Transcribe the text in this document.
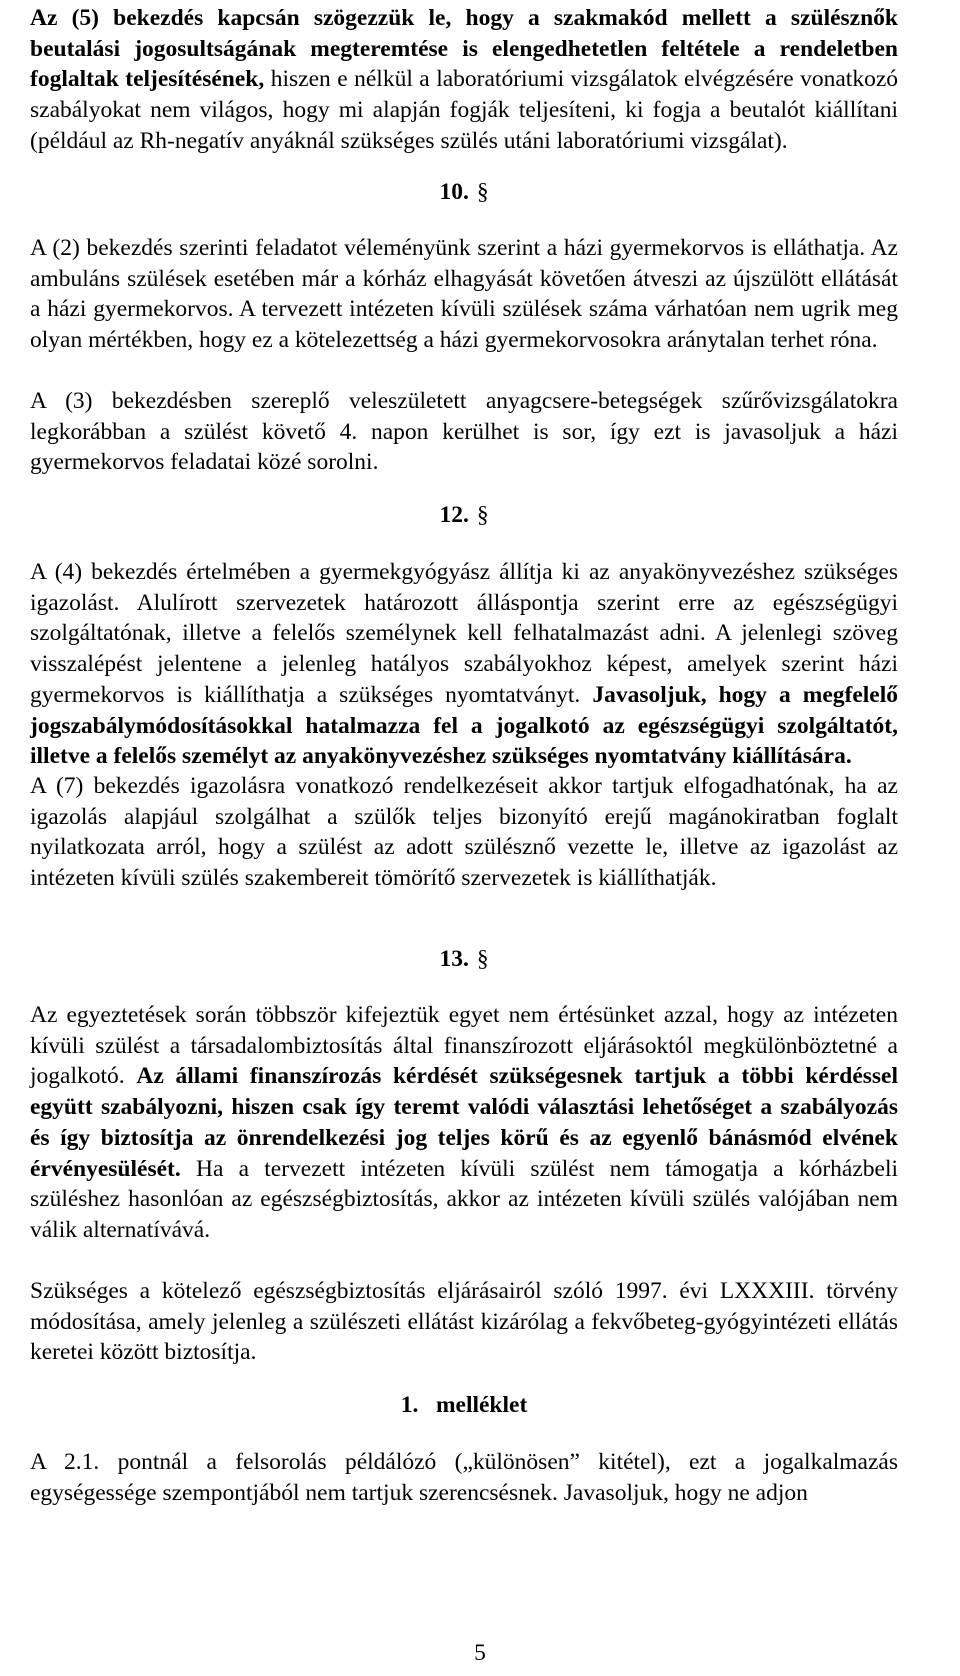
Az (5) bekezdés kapcsán szögezzük le, hogy a szakmakód mellett a szülésznők beutalási jogosultságának megteremtése is elengedhetetlen feltétele a rendeletben foglaltak teljesítésének, hiszen e nélkül a laboratóriumi vizsgálatok elvégzésére vonatkozó szabályokat nem világos, hogy mi alapján fogják teljesíteni, ki fogja a beutalót kiállítani (például az Rh-negatív anyáknál szükséges szülés utáni laboratóriumi vizsgálat).

10. §

A (2) bekezdés szerinti feladatot véleményünk szerint a házi gyermekorvos is elláthatja. Az ambuláns szülések esetében már a kórház elhagyását követően átveszi az újszülött ellátását a házi gyermekorvos. A tervezett intézeten kívüli szülések száma várhatóan nem ugrik meg olyan mértékben, hogy ez a kötelezettség a házi gyermekorvosokra aránytalan terhet róna.

A (3) bekezdésben szereplő veleszületett anyagcsere-betegségek szűrővizsgálatokra legkorábban a szülést követő 4. napon kerülhet is sor, így ezt is javasoljuk a házi gyermekorvos feladatai közé sorolni.

12. §

A (4) bekezdés értelmében a gyermekgyógyász állítja ki az anyakönyvezéshez szükséges igazolást. Alulírott szervezetek határozott álláspontja szerint erre az egészségügyi szolgáltatónak, illetve a felelős személynek kell felhatalmazást adni. A jelenlegi szöveg visszalépést jelentene a jelenleg hatályos szabályokhoz képest, amelyek szerint házi gyermekorvos is kiállíthatja a szükséges nyomtatványt. Javasoljuk, hogy a megfelelő jogszabálymódosításokkal hatalmazza fel a jogalkotó az egészségügyi szolgáltatót, illetve a felelős személyt az anyakönyvezéshez szükséges nyomtatvány kiállítására.

A (7) bekezdés igazolásra vonatkozó rendelkezéseit akkor tartjuk elfogadhatónak, ha az igazolás alapjául szolgálhat a szülők teljes bizonyító erejű magánokiratban foglalt nyilatkozata arról, hogy a szülést az adott szülésznő vezette le, illetve az igazolást az intézeten kívüli szülés szakembereit tömörítő szervezetek is kiállíthatják.

13. §

Az egyeztetések során többször kifejeztük egyet nem értésünket azzal, hogy az intézeten kívüli szülést a társadalombiztosítás által finanszírozott eljárásoktól megkülönböztetné a jogalkotó. Az állami finanszírozás kérdését szükségesnek tartjuk a többi kérdéssel együtt szabályozni, hiszen csak így teremt valódi választási lehetőséget a szabályozás és így biztosítja az önrendelkezési jog teljes körű és az egyenlő bánásmód elvének érvényesülését. Ha a tervezett intézeten kívüli szülést nem támogatja a kórházbeli szüléshez hasonlóan az egészségbiztosítás, akkor az intézeten kívüli szülés valójában nem válik alternatívává.

Szükséges a kötelező egészségbiztosítás eljárásairól szóló 1997. évi LXXXIII. törvény módosítása, amely jelenleg a szülészeti ellátást kizárólag a fekvőbeteg-gyógyintézeti ellátás keretei között biztosítja.

1.   melléklet

A 2.1. pontnál a felsorolás példálózó („különösen” kitétel), ezt a jogalkalmazás egységessége szempontjából nem tartjuk szerencsésnek. Javasoljuk, hogy ne adjon

5
